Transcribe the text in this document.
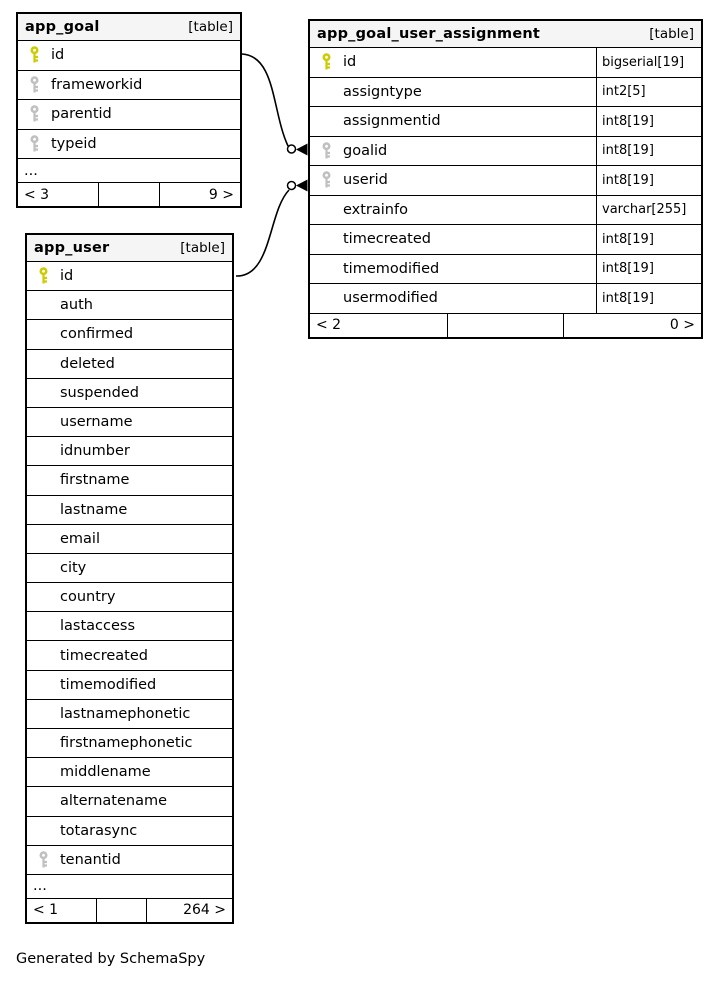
app_goal	[table]
id
frameworkid
parentid
typeid
...
< 3	9 >
app_goal_user_assignment	[table]
id	bigserial[19]
assigntype	int2[5]
assignmentid	int8[19]
goalid	int8[19]
userid	int8[19]
extrainfo	varchar[255]
timecreated	int8[19]
timemodified	int8[19]
usermodified	int8[19]
< 2	0 >
app_user	[table]
id
auth
confirmed
deleted
suspended
username
idnumber
firstname
lastname
email
city
country
lastaccess
timecreated
timemodified
lastnamephonetic
firstnamephonetic
middlename
alternatename
totarasync
tenantid
...
< 1	264 >
Generated by SchemaSpy
